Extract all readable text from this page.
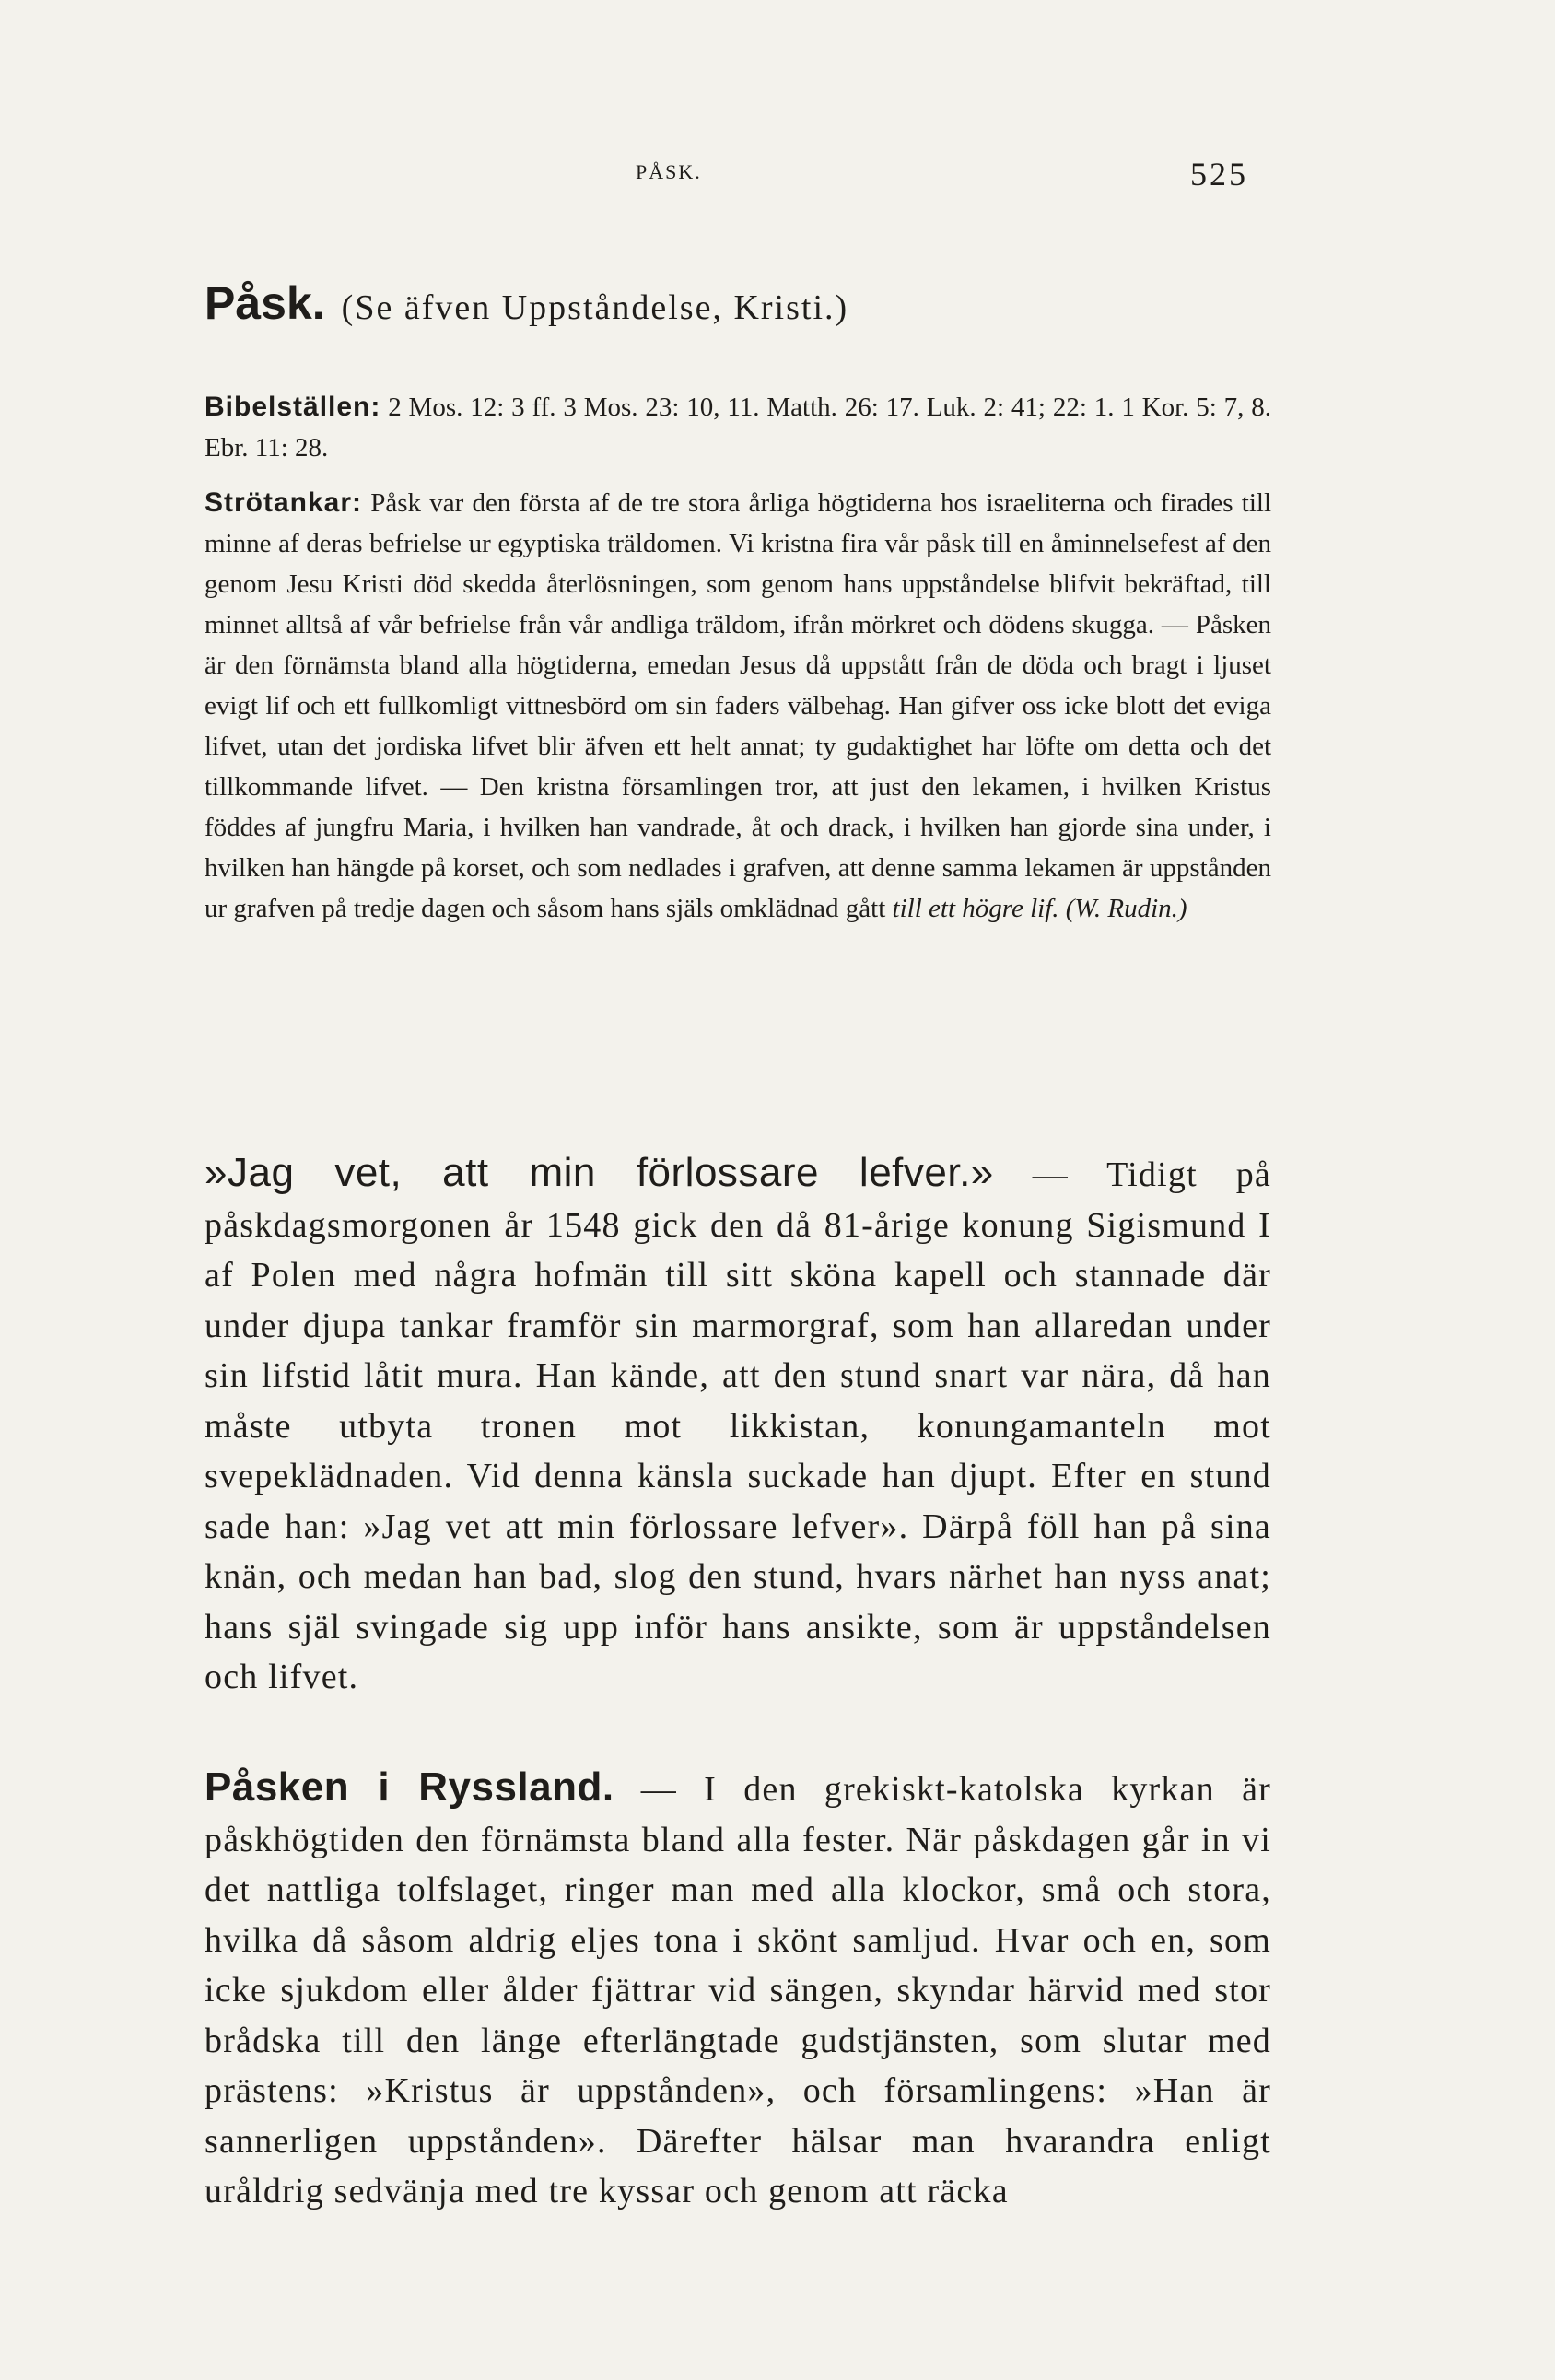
PÅSK.	525
Påsk. (Se äfven Uppståndelse, Kristi.)

Bibelställen: 2 Mos. 12: 3 ff. 3 Mos. 23: 10, 11. Matth. 26: 17. Luk. 2: 41; 22: 1. 1 Kor. 5: 7, 8. Ebr. 11: 28.

Strötankar: Påsk var den första af de tre stora årliga högtiderna hos israeliterna och firades till minne af deras befrielse ur egyptiska träldomen. Vi kristna fira vår påsk till en åminnelsefest af den genom Jesu Kristi död skedda återlösningen, som genom hans uppståndelse blifvit bekräftad, till minnet alltså af vår befrielse från vår andliga träldom, ifrån mörkret och dödens skugga. — Påsken är den förnämsta bland alla högtiderna, emedan Jesus då uppstått från de döda och bragt i ljuset evigt lif och ett fullkomligt vittnesbörd om sin faders välbehag. Han gifver oss icke blott det eviga lifvet, utan det jordiska lifvet blir äfven ett helt annat; ty gudaktighet har löfte om detta och det tillkommande lifvet. — Den kristna församlingen tror, att just den lekamen, i hvilken Kristus föddes af jungfru Maria, i hvilken han vandrade, åt och drack, i hvilken han gjorde sina under, i hvilken han hängde på korset, och som nedlades i grafven, att denne samma lekamen är uppstånden ur grafven på tredje dagen och såsom hans själs omklädnad gått till ett högre lif. (W. Rudin.)

»Jag vet, att min förlossare lefver.» — Tidigt på påskdagsmorgonen år 1548 gick den då 81-årige konung Sigismund I af Polen med några hofmän till sitt sköna kapell och stannade där under djupa tankar framför sin marmorgraf, som han allaredan under sin lifstid låtit mura. Han kände, att den stund snart var nära, då han måste utbyta tronen mot likkistan, konungamanteln mot svepeklädnaden. Vid denna känsla suckade han djupt. Efter en stund sade han: »Jag vet att min förlossare lefver». Därpå föll han på sina knän, och medan han bad, slog den stund, hvars närhet han nyss anat; hans själ svingade sig upp inför hans ansikte, som är uppståndelsen och lifvet.

Påsken i Ryssland. — I den grekiskt-katolska kyrkan är påskhögtiden den förnämsta bland alla fester. När påskdagen går in vi det nattliga tolfslaget, ringer man med alla klockor, små och stora, hvilka då såsom aldrig eljes tona i skönt samljud. Hvar och en, som icke sjukdom eller ålder fjättrar vid sängen, skyndar härvid med stor brådska till den länge efterlängtade gudstjänsten, som slutar med prästens: »Kristus är uppstånden», och församlingens: »Han är sannerligen uppstånden». Därefter hälsar man hvarandra enligt uråldrig sedvänja med tre kyssar och genom att räcka
